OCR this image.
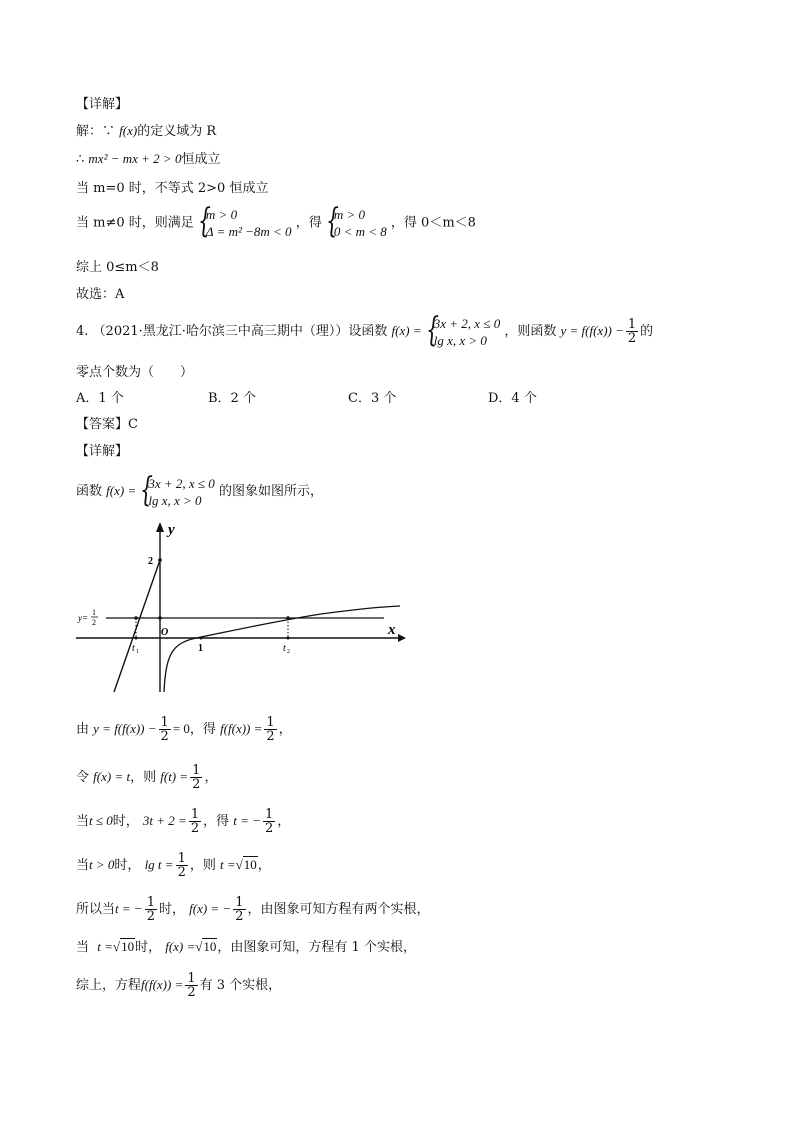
【详解】
解：∵ f(x)的定义域为 R
∴ mx² − mx + 2 > 0恒成立
当 m=0 时，不等式 2>0 恒成立
当 m≠0 时，则满足 {
m > 0
Δ = m² −8m < 0
，得 {
m > 0
0 < m < 8
，得 0＜m＜8
综上 0≤m＜8
故选：A
4. （2021·黑龙江·哈尔滨三中高三期中（理））设函数 f(x) = {
3x + 2, x ≤ 0
lg x, x > 0
，则函数 $y = f(f(x)) - \frac{1}{2}$ 的
零点个数为（　　）
A．1 个	B．2 个	C．3 个	D．4 个
【答案】C
【详解】
函数 f(x) = {
3x + 2, x ≤ 0
lg x, x > 0
的图象如图所示，
y
x
2
O
1
t 1	t 2
y=
1
2
由 $y = f(f(x)) - \frac{1}{2} = 0$，得 $f(f(x)) = \frac{1}{2}$ ，
令 f(x) = t，则 $f(t) = \frac{1}{2}$ ，
当t ≤ 0时， $3t + 2 = \frac{1}{2}$ ，得 t = − $\frac{1}{2}$ ，
当t > 0时， $\lg t = \frac{1}{2}$ ，则 t =√10，
所以当t = − $\frac{1}{2}$ 时， f(x) = − $\frac{1}{2}$ ，由图象可知方程有两个实根，
当 t =√10时， f(x) =√10，由图象可知，方程有 1 个实根，
综上，方程$f(f(x)) = \frac{1}{2}$ 有 3 个实根，
